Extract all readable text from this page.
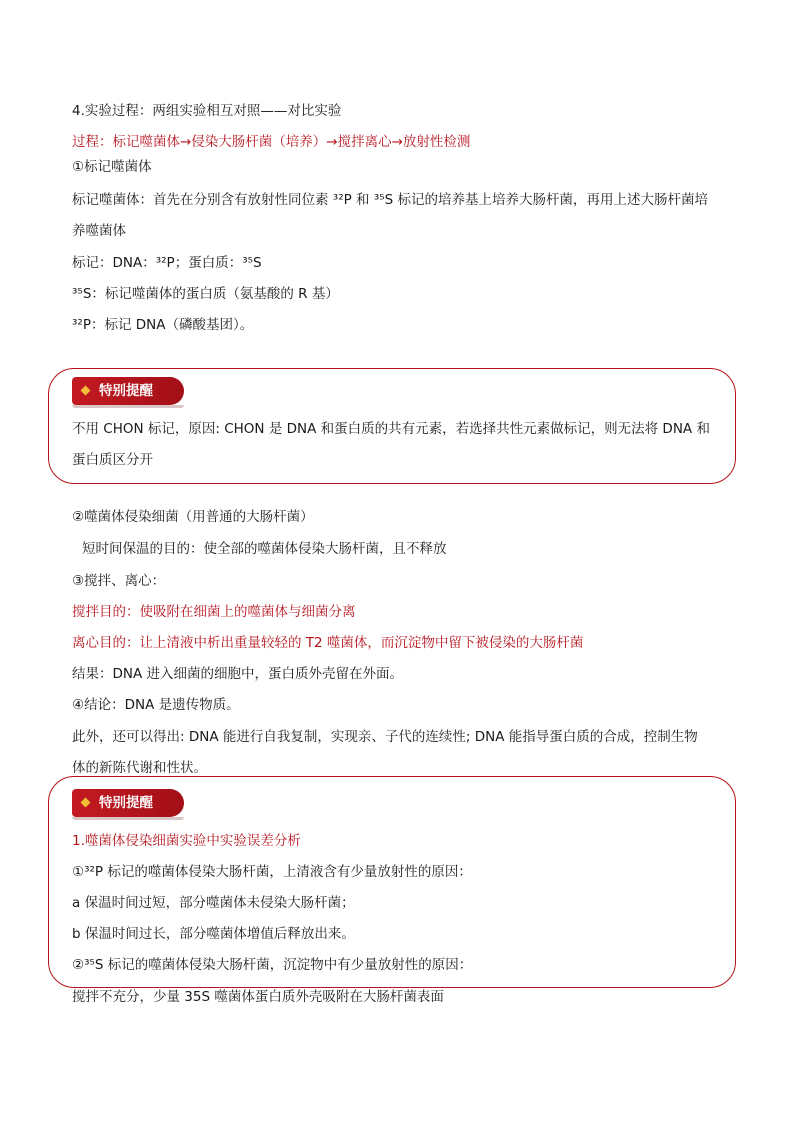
4.实验过程：两组实验相互对照——对比实验
过程：标记噬菌体→侵染大肠杆菌（培养）→搅拌离心→放射性检测
①标记噬菌体
标记噬菌体：首先在分别含有放射性同位素 ³²P 和 ³⁵S 标记的培养基上培养大肠杆菌，再用上述大肠杆菌培
养噬菌体
标记：DNA：³²P；蛋白质：³⁵S
³⁵S：标记噬菌体的蛋白质（氨基酸的 R 基）
³²P：标记 DNA（磷酸基团）。
特别提醒
不用 CHON 标记，原因: CHON 是 DNA 和蛋白质的共有元素，若选择共性元素做标记，则无法将 DNA 和
蛋白质区分开
②噬菌体侵染细菌（用普通的大肠杆菌）
短时间保温的目的：使全部的噬菌体侵染大肠杆菌，且不释放
③搅拌、离心：
搅拌目的：使吸附在细菌上的噬菌体与细菌分离
离心目的：让上清液中析出重量较轻的 T2 噬菌体，而沉淀物中留下被侵染的大肠杆菌
结果：DNA 进入细菌的细胞中，蛋白质外壳留在外面。
④结论：DNA 是遗传物质。
此外，还可以得出: DNA 能进行自我复制，实现亲、子代的连续性; DNA 能指导蛋白质的合成，控制生物
体的新陈代谢和性状。
特别提醒
1.噬菌体侵染细菌实验中实验误差分析
①³²P 标记的噬菌体侵染大肠杆菌，上清液含有少量放射性的原因：
a 保温时间过短，部分噬菌体未侵染大肠杆菌；
b 保温时间过长，部分噬菌体增值后释放出来。
②³⁵S 标记的噬菌体侵染大肠杆菌，沉淀物中有少量放射性的原因：
搅拌不充分，少量 35S 噬菌体蛋白质外壳吸附在大肠杆菌表面
